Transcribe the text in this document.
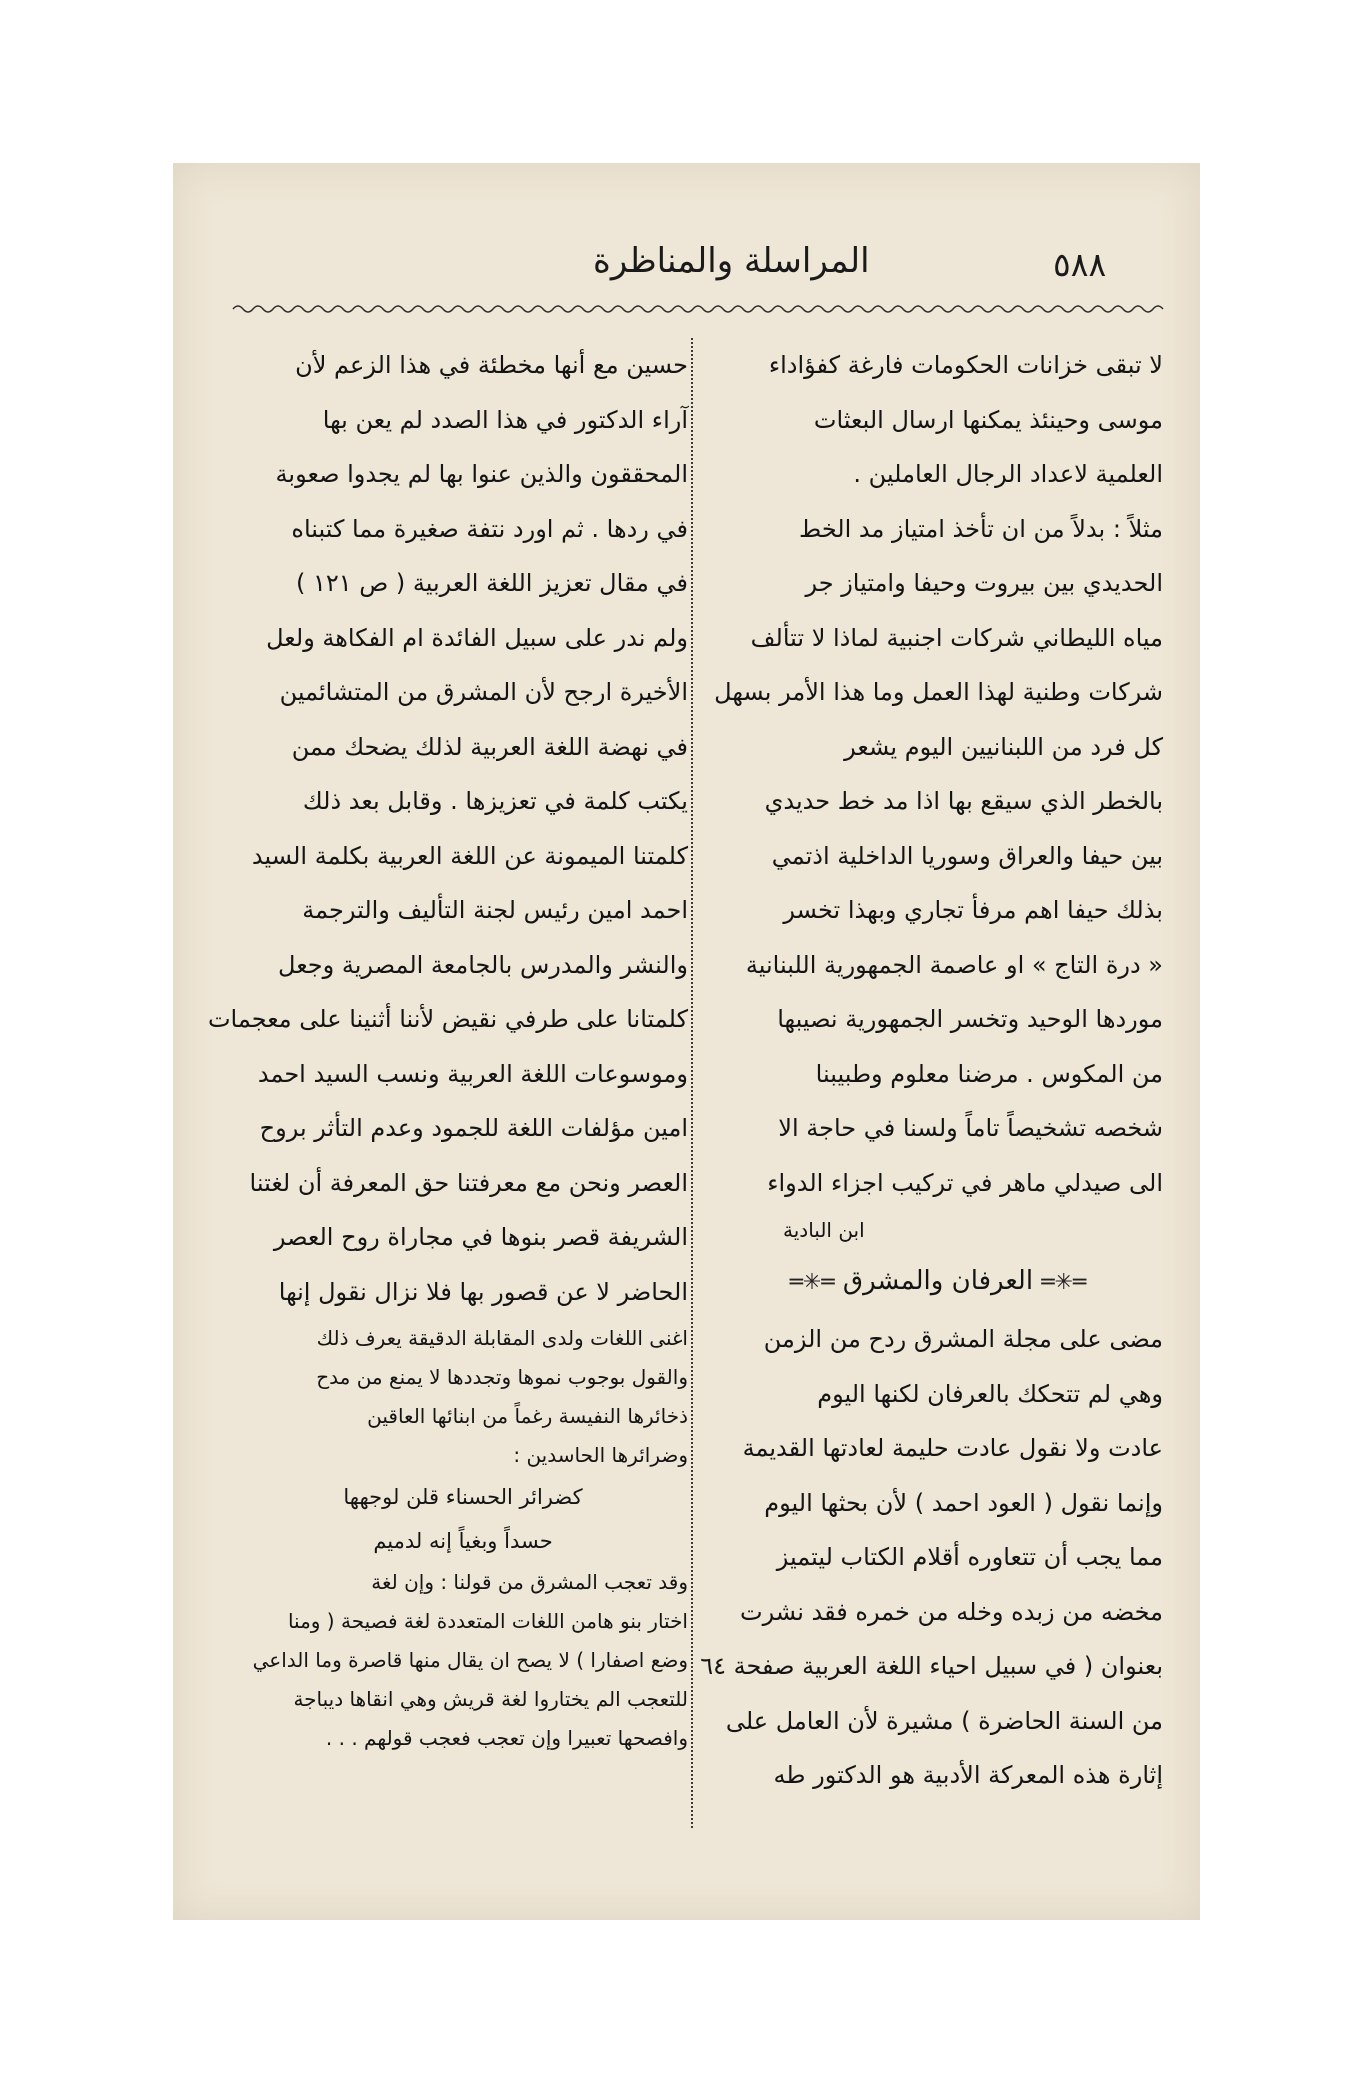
٥٨٨
المراسلة والمناظرة
لا تبقى خزانات الحكومات فارغة كفؤاداء
موسى وحينئذ يمكنها ارسال البعثات
العلمية لاعداد الرجال العاملين .
مثلاً : بدلاً من ان تأخذ امتياز مد الخط
الحديدي بين بيروت وحيفا وامتياز جر
مياه الليطاني شركات اجنبية لماذا لا تتألف
شركات وطنية لهذا العمل وما هذا الأمر بسهل
كل فرد من اللبنانيين اليوم يشعر
بالخطر الذي سيقع بها اذا مد خط حديدي
بين حيفا والعراق وسوريا الداخلية اذتمي
بذلك حيفا اهم مرفأ تجاري وبهذا تخسر
« درة التاج » او عاصمة الجمهورية اللبنانية
موردها الوحيد وتخسر الجمهورية نصيبها
من المكوس . مرضنا معلوم وطبيبنا
شخصه تشخيصاً تاماً ولسنا في حاجة الا
الى صيدلي ماهر في تركيب اجزاء الدواء
ابن البادية
═✳═ العرفان والمشرق ═✳═
مضى على مجلة المشرق ردح من الزمن
وهي لم تتحكك بالعرفان لكنها اليوم
عادت ولا نقول عادت حليمة لعادتها القديمة
وإنما نقول ( العود احمد ) لأن بحثها اليوم
مما يجب أن تتعاوره أقلام الكتاب ليتميز
مخضه من زبده وخله من خمره فقد نشرت
بعنوان ( في سبيل احياء اللغة العربية صفحة ٦٤
من السنة الحاضرة ) مشيرة لأن العامل على
إثارة هذه المعركة الأدبية هو الدكتور طه
حسين مع أنها مخطئة في هذا الزعم لأن
آراء الدكتور في هذا الصدد لم يعن بها
المحققون والذين عنوا بها لم يجدوا صعوبة
في ردها . ثم اورد نتفة صغيرة مما كتبناه
في مقال تعزيز اللغة العربية ( ص ١٢١ )
ولم ندر على سبيل الفائدة ام الفكاهة ولعل
الأخيرة ارجح لأن المشرق من المتشائمين
في نهضة اللغة العربية لذلك يضحك ممن
يكتب كلمة في تعزيزها . وقابل بعد ذلك
كلمتنا الميمونة عن اللغة العربية بكلمة السيد
احمد امين رئيس لجنة التأليف والترجمة
والنشر والمدرس بالجامعة المصرية وجعل
كلمتانا على طرفي نقيض لأننا أثنينا على معجمات
وموسوعات اللغة العربية ونسب السيد احمد
امين مؤلفات اللغة للجمود وعدم التأثر بروح
العصر ونحن مع معرفتنا حق المعرفة أن لغتنا
الشريفة قصر بنوها في مجاراة روح العصر
الحاضر لا عن قصور بها فلا نزال نقول إنها
اغنى اللغات ولدى المقابلة الدقيقة يعرف ذلك
والقول بوجوب نموها وتجددها لا يمنع من مدح
ذخائرها النفيسة رغماً من ابنائها العاقين
وضرائرها الحاسدين :
كضرائر الحسناء قلن لوجهها
حسداً وبغياً إنه لدميم
وقد تعجب المشرق من قولنا : وإن لغة
اختار بنو هامن اللغات المتعددة لغة فصيحة ( ومنا
وضع اصفارا ) لا يصح ان يقال منها قاصرة وما الداعي
للتعجب الم يختاروا لغة قريش وهي انقاها ديباجة
وافصحها تعبيرا وإن تعجب فعجب قولهم . . .
